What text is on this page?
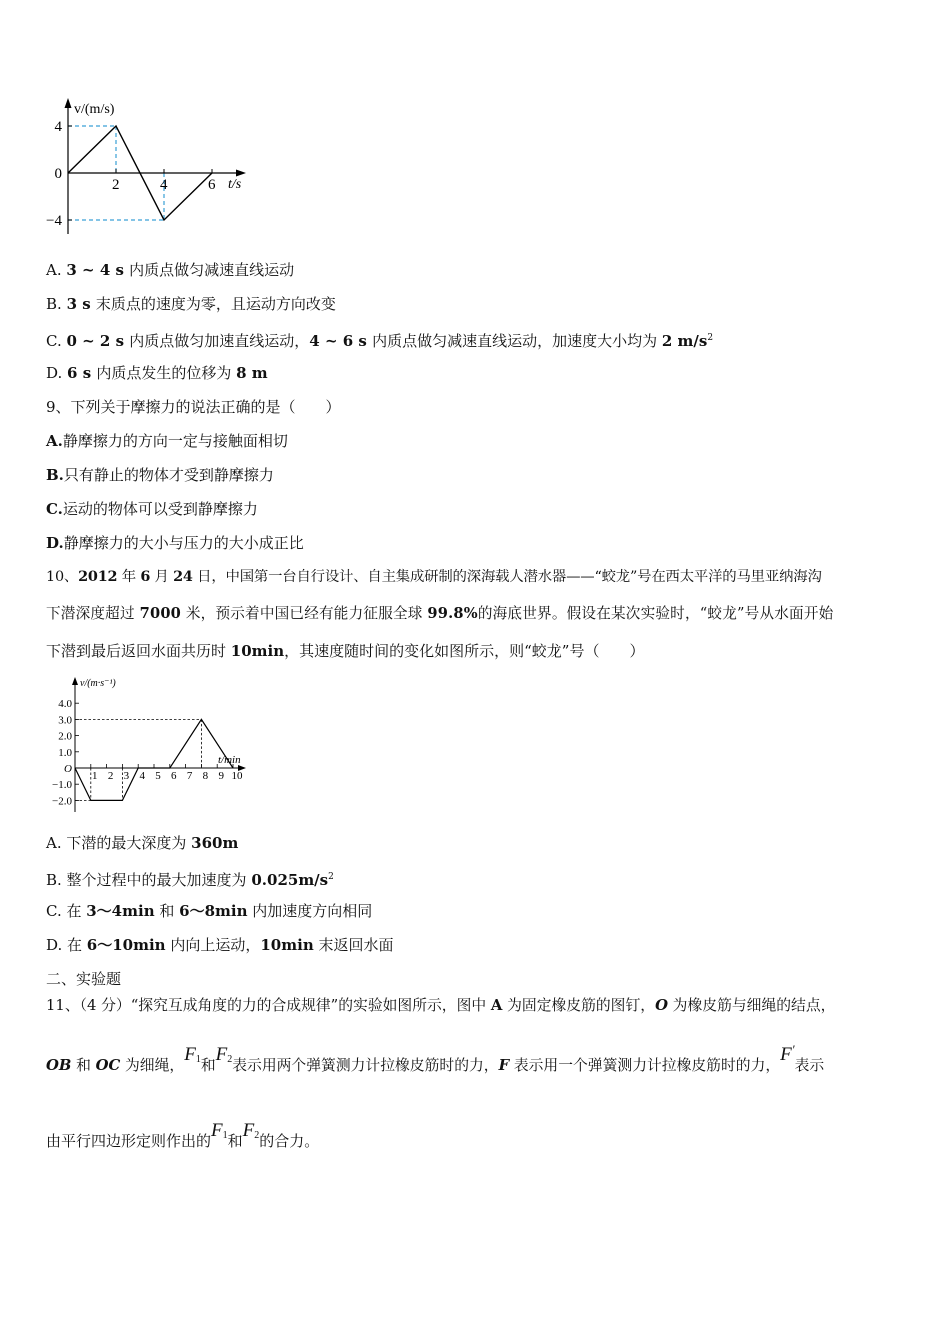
2	4	6
4
0
−4
v/(m/s)
t/s
A. 3 ~ 4 s 内质点做匀减速直线运动
B. 3 s 末质点的速度为零，且运动方向改变
C. 0 ~ 2 s 内质点做匀加速直线运动，4 ~ 6 s 内质点做匀减速直线运动，加速度大小均为 2 $m/s^2$
D. 6 s 内质点发生的位移为 8 m
9、下列关于摩擦力的说法正确的是（　　）
A.静摩擦力的方向一定与接触面相切
B.只有静止的物体才受到静摩擦力
C.运动的物体可以受到静摩擦力
D.静摩擦力的大小与压力的大小成正比
10、2012 年 6 月 24 日，中国第一台自行设计、自主集成研制的深海载人潜水器——“蛟龙”号在西太平洋的马里亚纳海沟
下潜深度超过 7000 米，预示着中国已经有能力征服全球 99.8%的海底世界。假设在某次实验时，“蛟龙”号从水面开始
下潜到最后返回水面共历时 10min，其速度随时间的变化如图所示，则“蛟龙”号（　　）
1 2 3 4 5 6 7 8 9 10
4.0
3.0
2.0
1.0
O
−1.0
−2.0
v/(m·s⁻¹)
t/min
A. 下潜的最大深度为 360m
B. 整个过程中的最大加速度为 $0.025m/s^2$
C. 在 3～4min 和 6～8min 内加速度方向相同
D. 在 6～10min 内向上运动，10min 末返回水面
二、实验题
11、（4 分）“探究互成角度的力的合成规律”的实验如图所示，图中 A 为固定橡皮筋的图钉，O 为橡皮筋与细绳的结点，
OB 和 OC 为细绳，$F_1$和$F_2$表示用两个弹簧测力计拉橡皮筋时的力，F 表示用一个弹簧测力计拉橡皮筋时的力，F′表示
由平行四边形定则作出的$F_1$和$F_2$的合力。
